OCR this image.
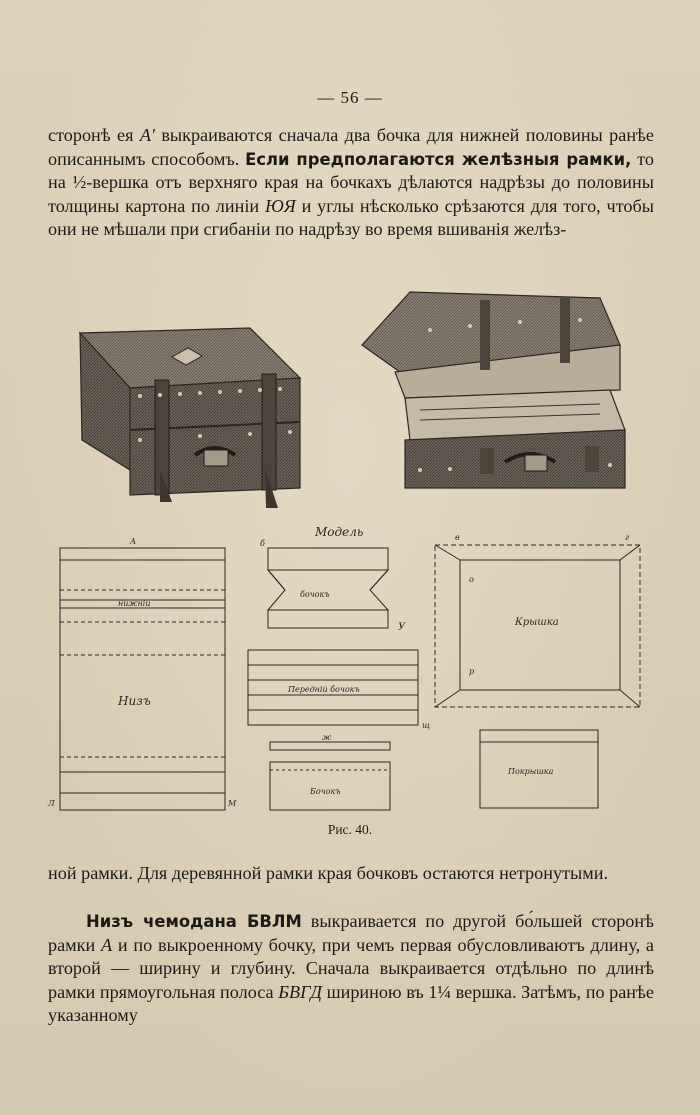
— 56 —
сторонѣ ея A′ выкраиваются сначала два бочка для нижней половины ранѣе описаннымъ способомъ. Если предполагаются желѣзныя рамки, то на ½-вершка отъ верхняго края на бочкахъ дѣлаются надрѣзы до половины толщины картона по линіи ЮЯ и углы нѣсколько срѣзаются для того, чтобы они не мѣшали при сгибаніи по надрѣзу во время вшиванія желѣз-
Модель
Низъ
Крышка
Покрышка
бочокъ
Бочокъ
Передній бочокъ
нижній
А
Л	М
в	г
б
У
щ
о
р
ж
Рис. 40.
ной рамки. Для деревянной рамки края бочковъ остаются нетронутыми.
Низъ чемодана БВЛМ выкраивается по другой бо́льшей сторонѣ рамки А и по выкроенному бочку, при чемъ первая обусловливаютъ длину, а второй — ширину и глубину. Сначала выкраивается отдѣльно по длинѣ рамки прямоугольная полоса БВГД шириною въ 1¼ вершка. Затѣмъ, по ранѣе указанному
